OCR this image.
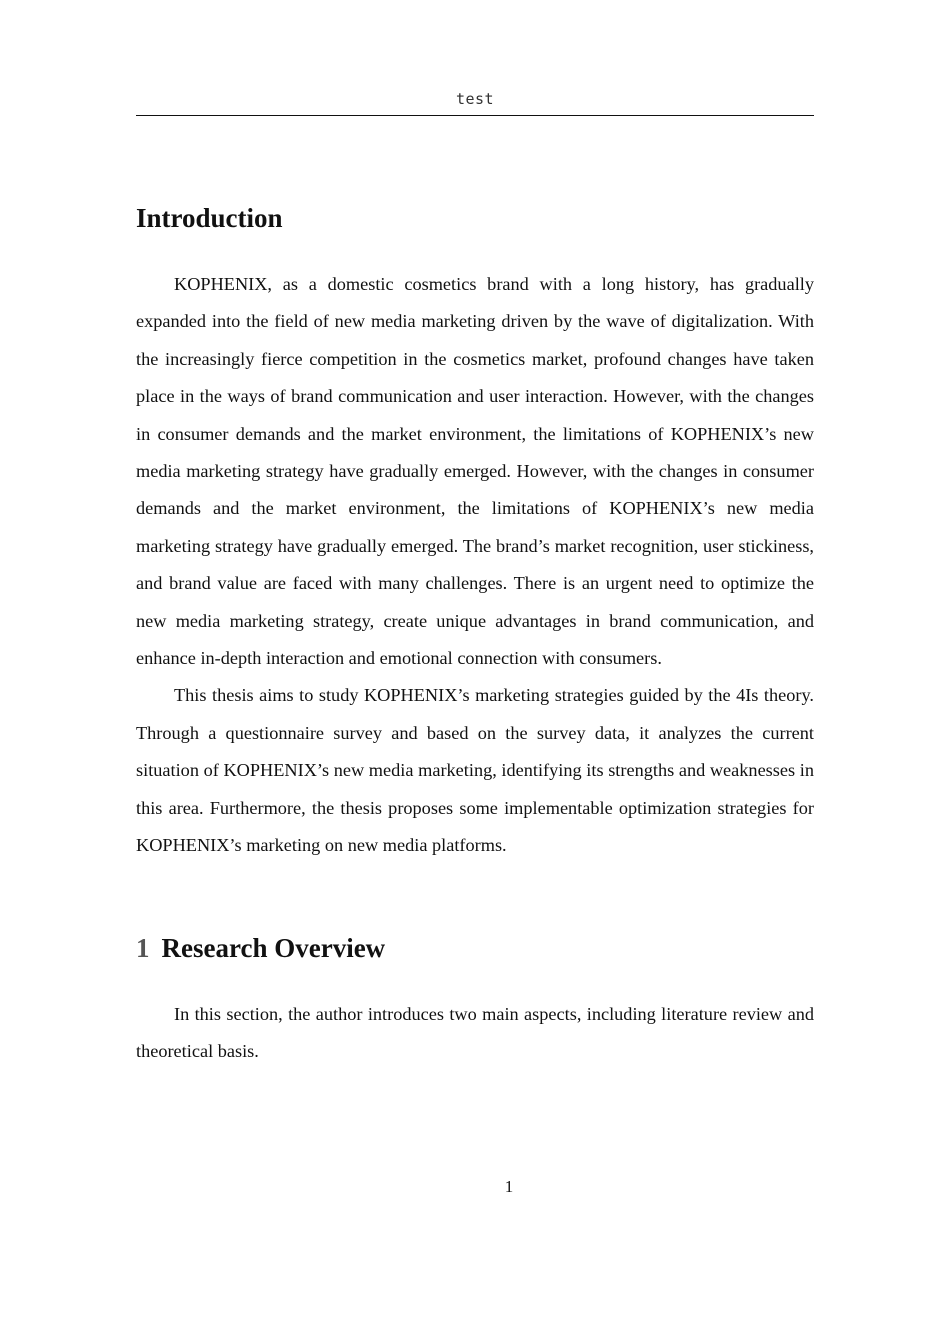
test
Introduction

KOPHENIX, as a domestic cosmetics brand with a long history, has gradually expanded into the field of new media marketing driven by the wave of digitalization. With the increasingly fierce competition in the cosmetics market, profound changes have taken place in the ways of brand communication and user interaction. However, with the changes in consumer demands and the market environment, the limitations of KOPHENIX’s new media marketing strategy have gradually emerged. However, with the changes in consumer demands and the market environment, the limitations of KOPHENIX’s new media marketing strategy have gradually emerged. The brand’s market recognition, user stickiness, and brand value are faced with many challenges. There is an urgent need to optimize the new media marketing strategy, create unique advantages in brand communication, and enhance in-depth interaction and emotional connection with consumers.

This thesis aims to study KOPHENIX’s marketing strategies guided by the 4Is theory. Through a questionnaire survey and based on the survey data, it analyzes the current situation of KOPHENIX’s new media marketing, identifying its strengths and weaknesses in this area. Furthermore, the thesis proposes some implementable optimization strategies for KOPHENIX’s marketing on new media platforms.

1 Research Overview

In this section, the author introduces two main aspects, including literature review and theoretical basis.

1
